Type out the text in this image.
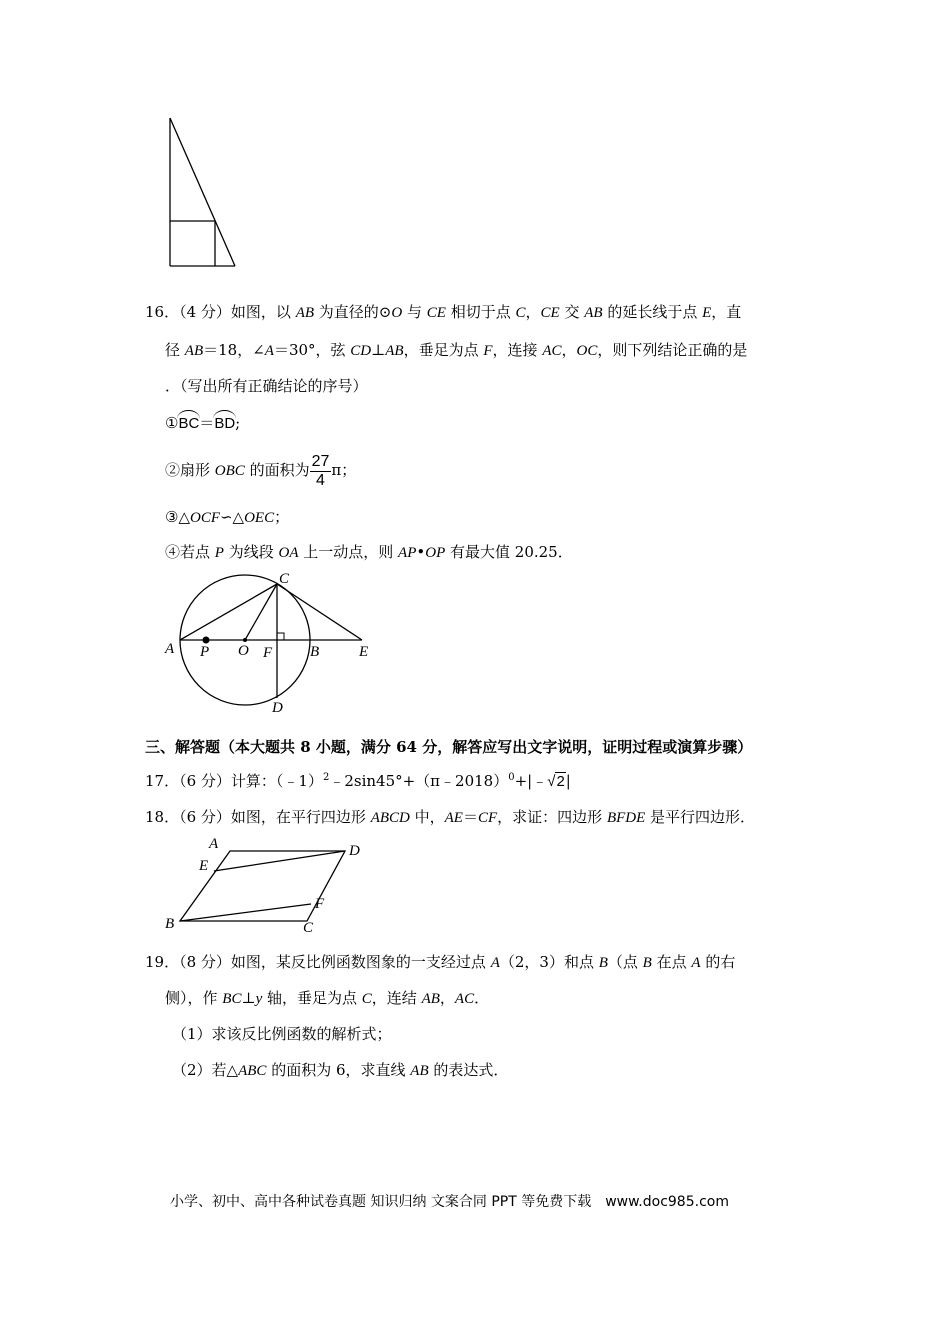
16．（4 分）如图，以 AB 为直径的⊙O 与 CE 相切于点 C，CE 交 AB 的延长线于点 E，直
径 AB＝18，∠A＝30°，弦 CD⊥AB，垂足为点 F，连接 AC，OC，则下列结论正确的是
．（写出所有正确结论的序号）
①
BC＝
BD;
②扇形 OBC 的面积为 $\frac{27}{4}$ π；
③△OCF∽△OEC；
④若点 P 为线段 OA 上一动点，则 AP•OP 有最大值 20.25．
A P O F	B	E
C
D
三、解答题（本大题共 8 小题，满分 64 分，解答应写出文字说明，证明过程或演算步骤）
17．（6 分）计算：（﹣1）$^2$﹣2sin45°+（π﹣2018）$^0$+|﹣√2|
18．（6 分）如图，在平行四边形 ABCD 中，AE＝CF，求证：四边形 BFDE 是平行四边形．
A
E
D
B
F
C
19．（8 分）如图，某反比例函数图象的一支经过点 A（2，3）和点 B（点 B 在点 A 的右
侧），作 BC⊥y 轴，垂足为点 C，连结 AB，AC．
（1）求该反比例函数的解析式；
（2）若△ABC 的面积为 6，求直线 AB 的表达式．
小学、初中、高中各种试卷真题 知识归纳 文案合同 PPT 等免费下载　www.doc985.com
